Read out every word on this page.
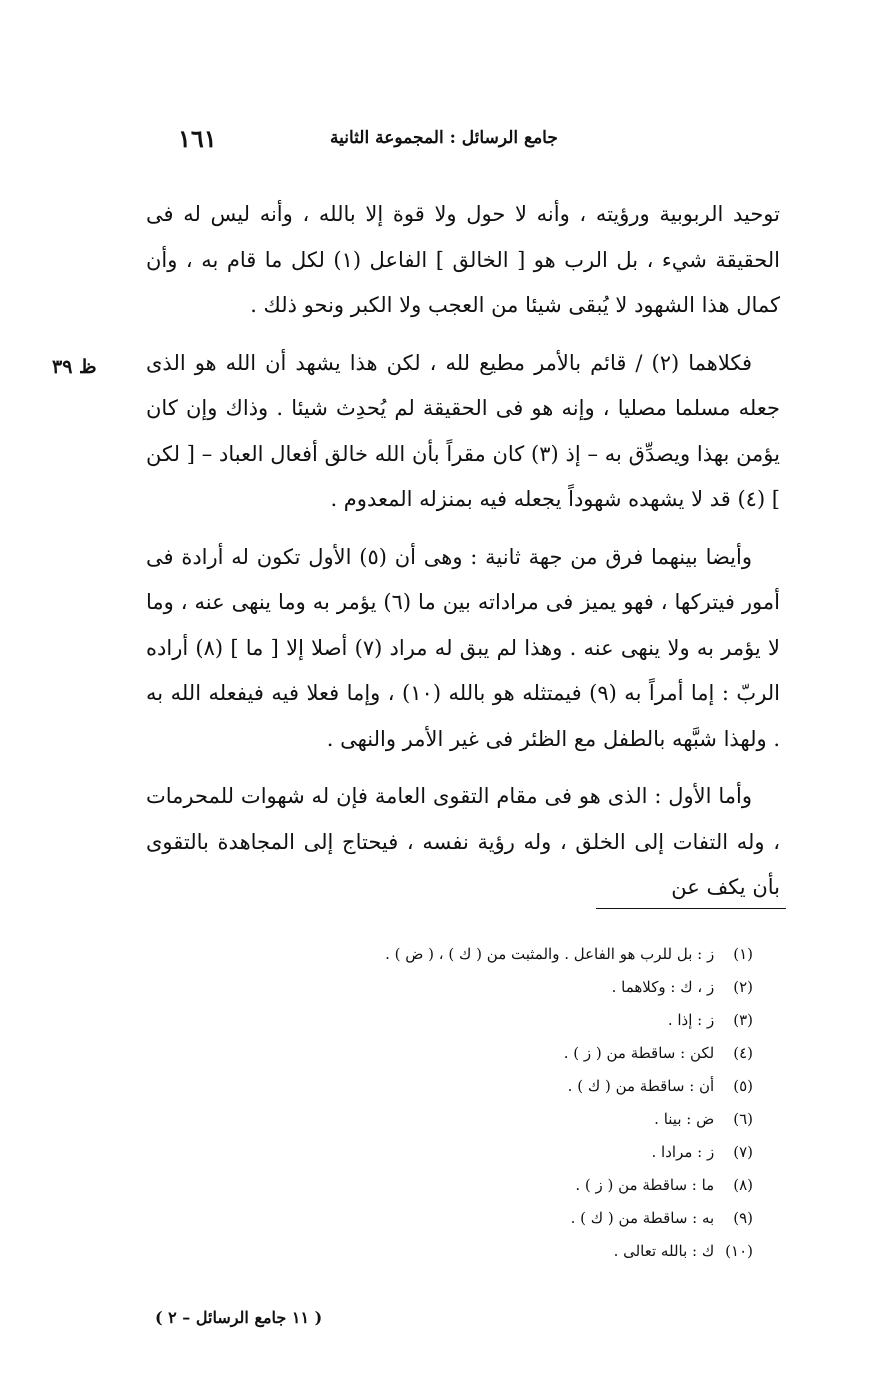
١٦١	جامع الرسائل : المجموعة الثانية
ظ ٣٩

توحيد الربوبية ورؤيته ، وأنه لا حول ولا قوة إلا بالله ، وأنه ليس له فى الحقيقة شيء ، بل الرب هو [ الخالق ] الفاعل (١) لكل ما قام به ، وأن كمال هذا الشهود لا يُبقى شيئا من العجب ولا الكبر ونحو ذلك .

فكلاهما (٢) / قائم بالأمر مطيع لله ، لكن هذا يشهد أن الله هو الذى جعله مسلما مصليا ، وإنه هو فى الحقيقة لم يُحدِث شيئا . وذاك وإن كان يؤمن بهذا ويصدِّق به – إذ (٣) كان مقراً بأن الله خالق أفعال العباد – [ لكن ] (٤) قد لا يشهده شهوداً يجعله فيه بمنزله المعدوم .

وأيضا بينهما فرق من جهة ثانية : وهى أن (٥) الأول تكون له أرادة فى أمور فيتركها ، فهو يميز فى مراداته بين ما (٦) يؤمر به وما ينهى عنه ، وما لا يؤمر به ولا ينهى عنه . وهذا لم يبق له مراد (٧) أصلا إلا [ ما ] (٨) أراده الربّ : إما أمراً به (٩) فيمتثله هو بالله (١٠) ، وإما فعلا فيه فيفعله الله به . ولهذا شبَّهه بالطفل مع الظئر فى غير الأمر والنهى .

وأما الأول : الذى هو فى مقام التقوى العامة فإن له شهوات للمحرمات ، وله التفات إلى الخلق ، وله رؤية نفسه ، فيحتاج إلى المجاهدة بالتقوى بأن يكف عن

(١) ز : بل للرب هو الفاعل . والمثبت من ( ك ) ، ( ض ) .
(٢) ز ، ك : وكلاهما .
(٣) ز : إذا .
(٤) لكن : ساقطة من ( ز ) .
(٥) أن : ساقطة من ( ك ) .
(٦) ض : بينا .
(٧) ز : مرادا .
(٨) ما : ساقطة من ( ز ) .
(٩) به : ساقطة من ( ك ) .
(١٠) ك : بالله تعالى .
( ١١ جامع الرسائل – ٢ )
